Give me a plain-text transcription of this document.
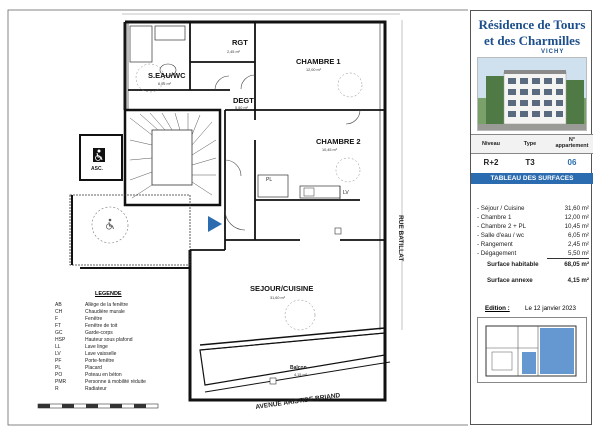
RGT
2,45 m²
CHAMBRE 1
12,00 m²
S.EAU/WC
6,05 m²
DEGT
5,50 m²
CHAMBRE 2
10,45 m²
SEJOUR/CUISINE
31,60 m²
Balcon
4,15 m²
ASC.
PL
LV
RUE BATILLAT
AVENUE ARISTIDE BRIAND
LEGENDE
AB	Allège de la fenêtre
CH	Chaudière murale
F	Fenêtre
FT	Fenêtre de toit
GC	Garde-corps
HSP	Hauteur sous plafond
LL	Lave linge
LV	Lave vaisselle
PF	Porte-fenêtre
PL	Placard
PO	Poteau en béton
PMR	Personne à mobilité réduite
R	Radiateur
Résidence de Tours
et des Charmilles
VICHY
Niveau	Type
N° appartement
R+2	T3	06
TABLEAU DES SURFACES
- Séjour / Cuisine	31,60 m²
- Chambre 1	12,00 m²
- Chambre 2 + PL	10,45 m²
- Salle d'eau / wc	6,05 m²
- Rangement	2,45 m²
- Dégagement	5,50 m²
Surface habitable	68,05 m²
Surface annexe	4,15 m²
Edition : Le 12 janvier 2023
